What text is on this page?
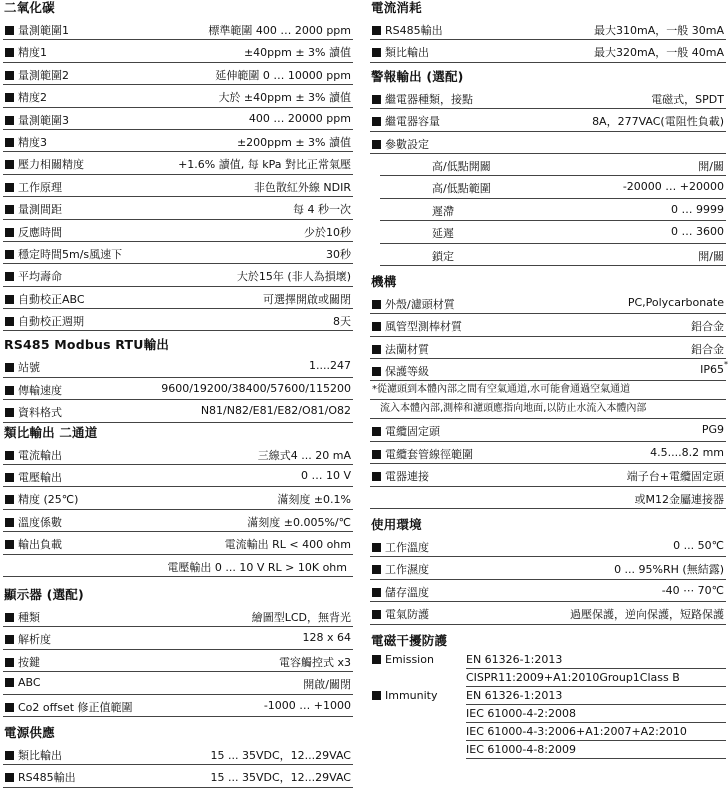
二氧化碳
量測範圍1	標準範圍 400 … 2000 ppm
精度1	±40ppm ± 3% 讀值
量測範圍2	延伸範圍 0 … 10000 ppm
精度2	大於 ±40ppm ± 3% 讀值
量測範圍3	400 … 20000 ppm
精度3	±200ppm ± 3% 讀值
壓力相關精度	+1.6% 讀值, 每 kPa 對比正常氣壓
工作原理	非色散紅外線 NDIR
量測間距	每 4 秒一次
反應時間	少於10秒
穩定時間5m/s風速下	30秒
平均壽命	大於15年 (非人為損壞)
自動校正ABC	可選擇開啟或關閉
自動校正週期	8天
RS485 Modbus RTU輸出
站號	1....247
傳輸速度	9600/19200/38400/57600/115200
資料格式	N81/N82/E81/E82/O81/O82
類比輸出 二通道
電流輸出	三線式4 ... 20 mA
電壓輸出	0 … 10 V
精度 (25℃)	滿刻度 ±0.1%
溫度係數	滿刻度 ±0.005%/℃
輸出負載	電流輸出 RL < 400 ohm
電壓輸出 0 ... 10 V RL > 10K ohm
顯示器 (選配)
種類	繪圖型LCD，無背光
解析度	128 x 64
按鍵	電容觸控式 x3
ABC	開啟/關閉
Co2 offset 修正值範圍	-1000 … +1000
電源供應
類比輸出	15 ... 35VDC，12...29VAC
RS485輸出	15 ... 35VDC，12...29VAC
電流消耗
RS485輸出	最大310mA，一般 30mA
類比輸出	最大320mA，一般 40mA
警報輸出 (選配)
繼電器種類，接點	電磁式，SPDT
繼電器容量	8A，277VAC(電阻性負載)
參數設定
高/低點開關	開/關
高/低點範圍	-20000 … +20000
遲滯	0 … 9999
延遲	0 … 3600
鎖定	開/關
機構
外殼/濾頭材質	PC,Polycarbonate
風管型測棒材質	鋁合金
法蘭材質	鋁合金
保護等級	IP65 *
*從濾頭到本體內部之間有空氣通道,水可能會通過空氣通道
流入本體內部,測棒和濾頭應指向地面,以防止水流入本體內部
電纜固定頭	PG9
電纜套管線徑範圍	4.5....8.2 mm
電器連接	端子台+電纜固定頭
或M12金屬連接器
使用環境
工作溫度	0 ... 50℃
工作濕度	0 ... 95%RH (無結露)
儲存溫度	-40 ⋯ 70℃
電氣防護	過壓保護，逆向保護，短路保護
電磁干擾防護
Emission	EN 61326-1:2013
CISPR11:2009+A1:2010Group1Class B
Immunity	EN 61326-1:2013
IEC 61000-4-2:2008
IEC 61000-4-3:2006+A1:2007+A2:2010
IEC 61000-4-8:2009
